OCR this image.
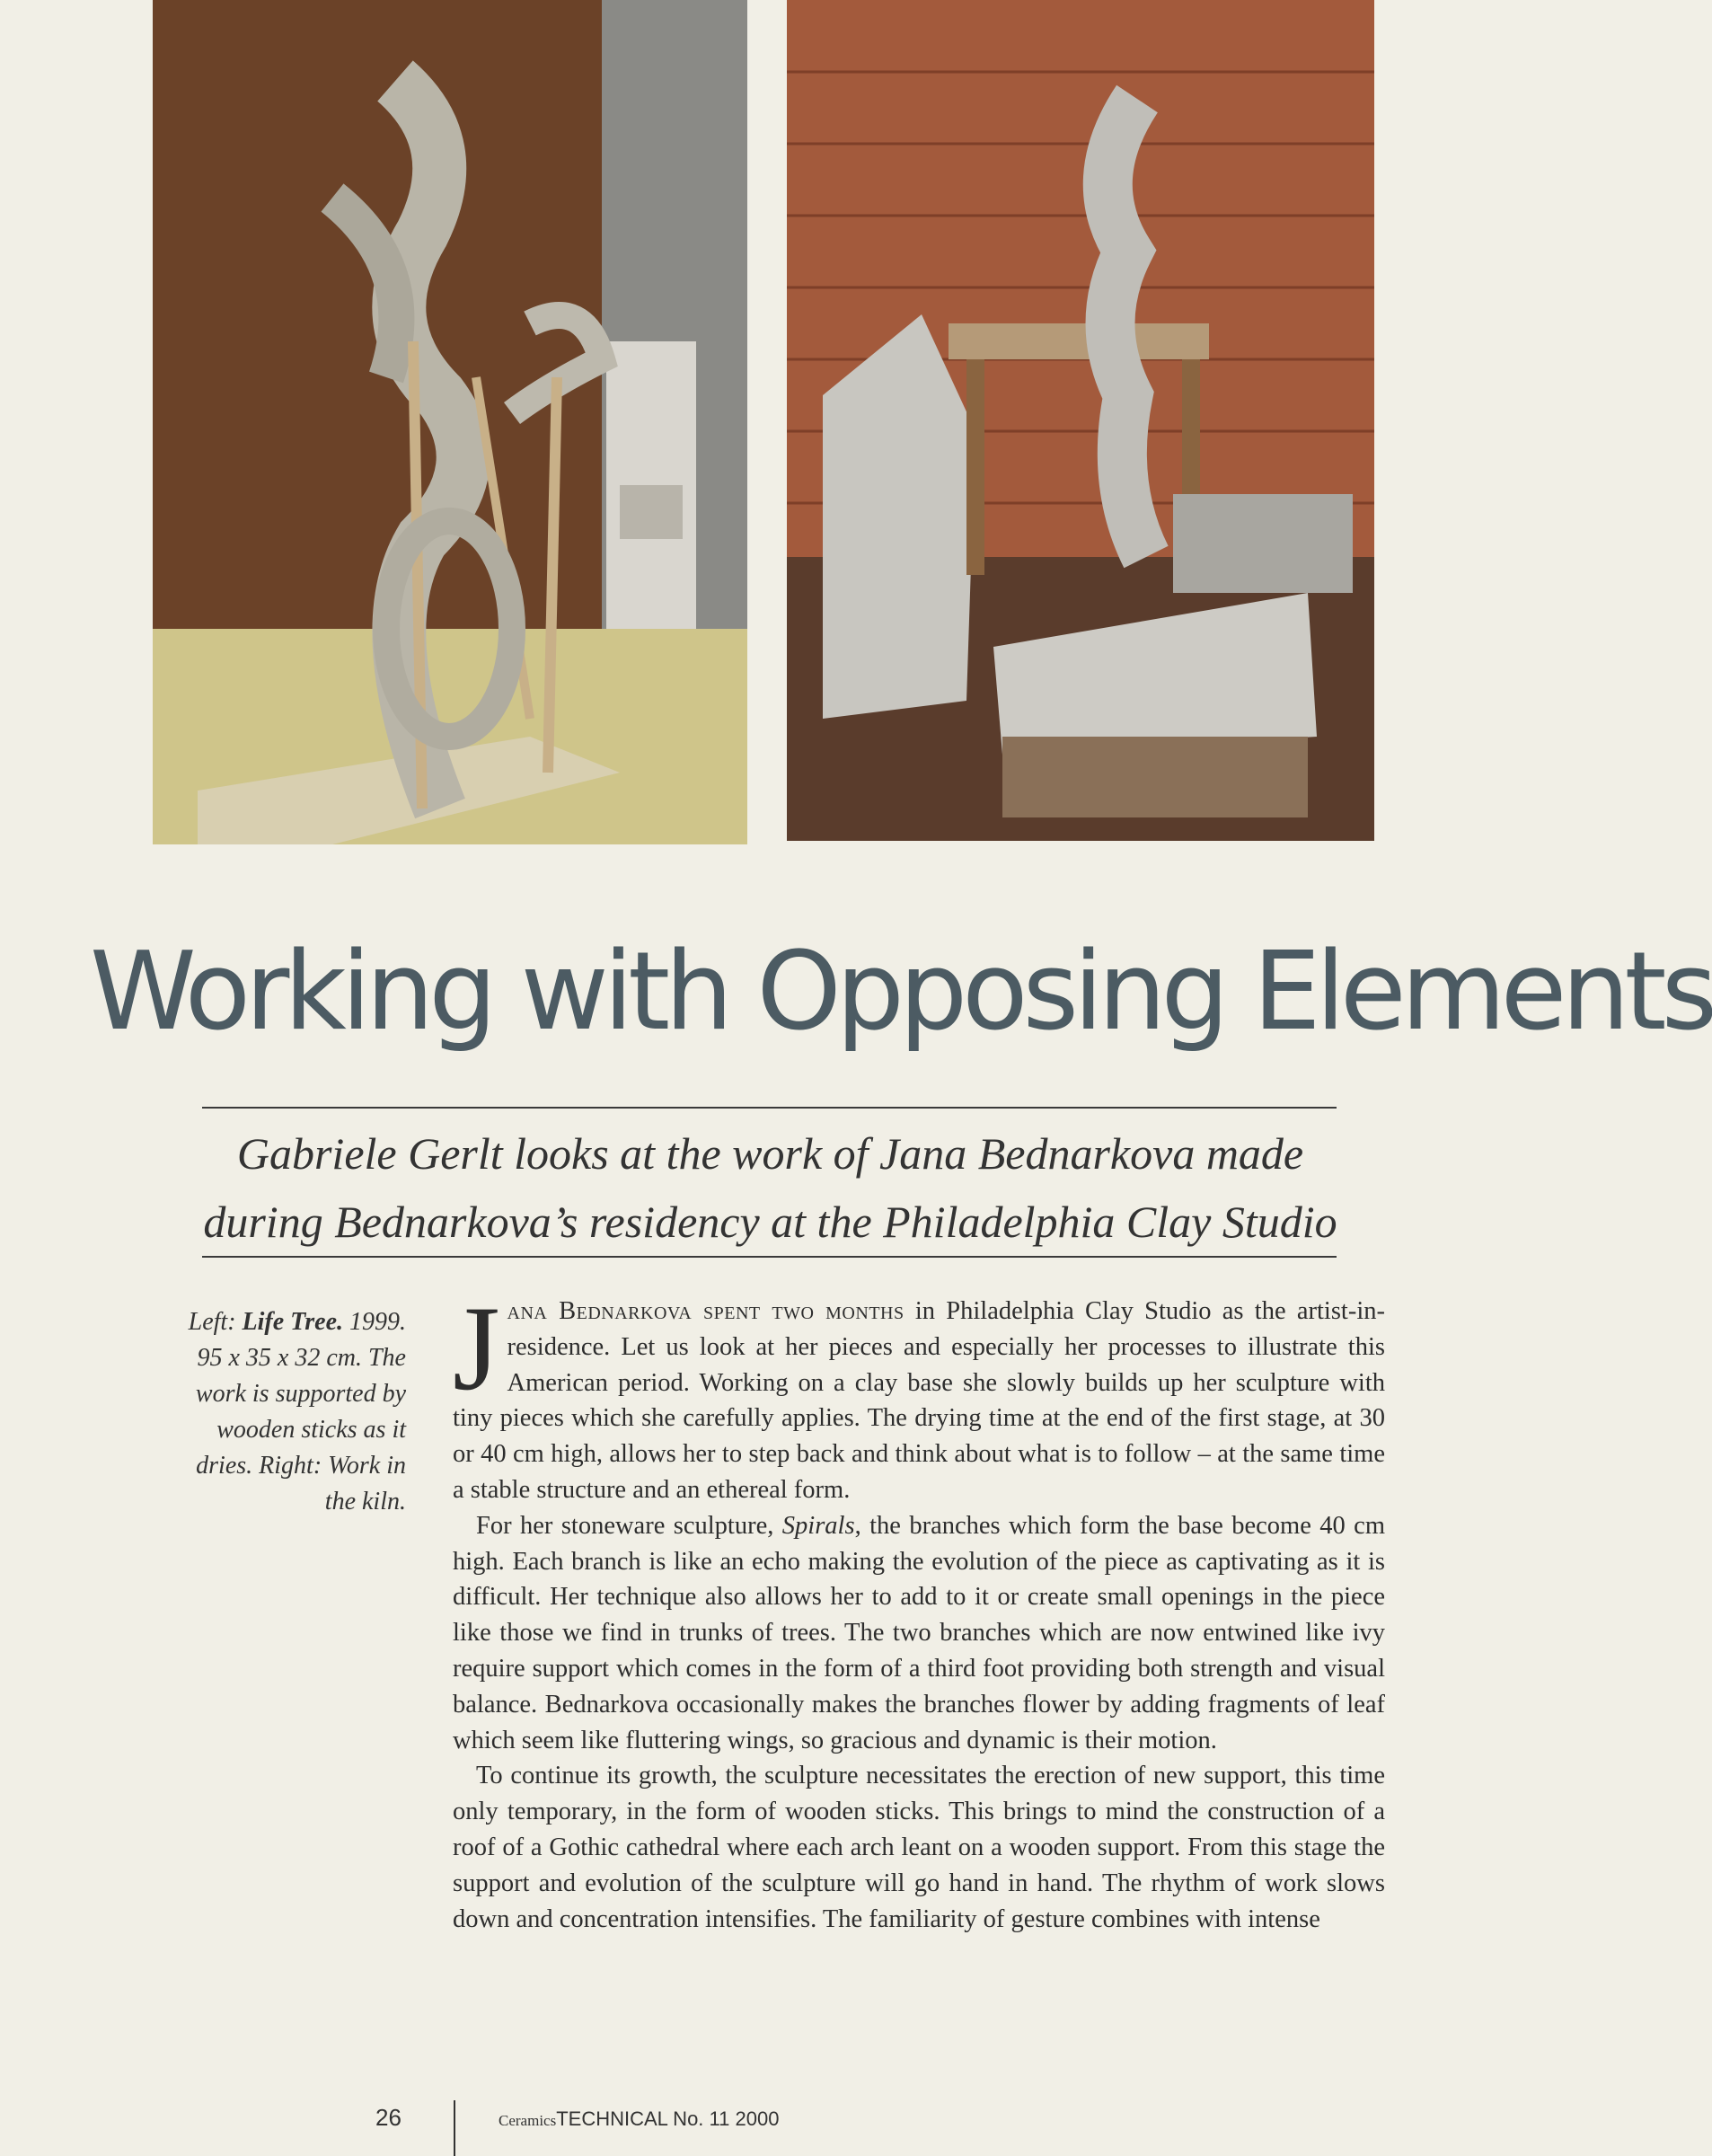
Working with Opposing Elements
Gabriele Gerlt looks at the work of Jana Bednarkova made
during Bednarkova’s residency at the Philadelphia Clay Studio
Left: Life Tree. 1999. 95 x 35 x 32 cm. The work is supported by wooden sticks as it dries. Right: Work in the kiln.

Jana Bednarkova spent two months in Philadelphia Clay Studio as the artist-in-residence. Let us look at her pieces and especially her processes to illustrate this American period. Working on a clay base she slowly builds up her sculpture with tiny pieces which she carefully applies. The drying time at the end of the first stage, at 30 or 40 cm high, allows her to step back and think about what is to follow – at the same time a stable structure and an ethereal form.

For her stoneware sculpture, Spirals, the branches which form the base become 40 cm high. Each branch is like an echo making the evolution of the piece as captivating as it is difficult. Her technique also allows her to add to it or create small openings in the piece like those we find in trunks of trees. The two branches which are now entwined like ivy require support which comes in the form of a third foot providing both strength and visual balance. Bednarkova occasionally makes the branches flower by adding fragments of leaf which seem like fluttering wings, so gracious and dynamic is their motion.

To continue its growth, the sculpture necessitates the erection of new support, this time only temporary, in the form of wooden sticks. This brings to mind the construction of a roof of a Gothic cathedral where each arch leant on a wooden support. From this stage the support and evolution of the sculpture will go hand in hand. The rhythm of work slows down and concentration intensifies. The familiarity of gesture combines with intense

26	CeramicsTECHNICAL No. 11 2000
